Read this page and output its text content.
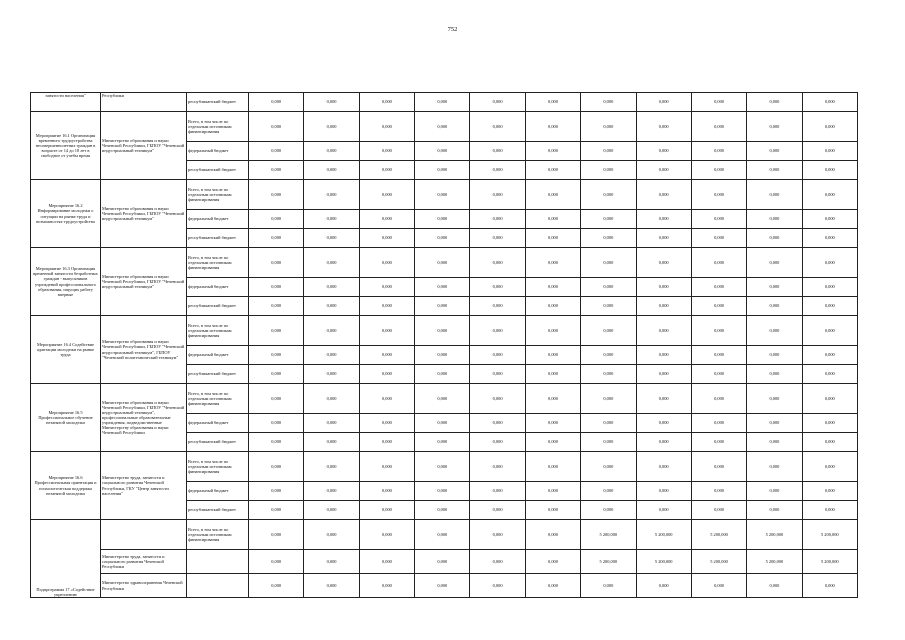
752
занятости населения"	Республики	республиканский бюджет	0,000	0,000	0,000	0,000	0,000	0,000	0,000	0,000	0,000	0,000	0,000
Мероприятие 16.1 Организация временного трудоустройства несовершеннолетних граждан в возрасте от 14 до 18 лет в свободное от учебы время	Министерство образования и науки Чеченской Республики, ГБПОУ "Чеченский индустриальный техникум"	Всего, в том числе по отдельным источникам финансирования	0,000	0,000	0,000	0,000	0,000	0,000	0,000	0,000	0,000	0,000	0,000
		федеральный бюджет	0,000	0,000	0,000	0,000	0,000	0,000	0,000	0,000	0,000	0,000	0,000
		республиканский бюджет	0,000	0,000	0,000	0,000	0,000	0,000	0,000	0,000	0,000	0,000	0,000
Мероприятие 16.2 Информирование молодежи о ситуации на рынке труда и возможностях трудоустройства	Министерство образования и науки Чеченской Республики, ГБПОУ "Чеченский индустриальный техникум"	Всего, в том числе по отдельным источникам финансирования	0,000	0,000	0,000	0,000	0,000	0,000	0,000	0,000	0,000	0,000	0,000
		федеральный бюджет	0,000	0,000	0,000	0,000	0,000	0,000	0,000	0,000	0,000	0,000	0,000
		республиканский бюджет	0,000	0,000	0,000	0,000	0,000	0,000	0,000	0,000	0,000	0,000	0,000
Мероприятие 16.3 Организация временной занятости безработных граждан - выпускников учреждений профессионального образования, ищущих работу впервые	Министерство образования и науки Чеченской Республики, ГБПОУ "Чеченский индустриальный техникум"	Всего, в том числе по отдельным источникам финансирования	0,000	0,000	0,000	0,000	0,000	0,000	0,000	0,000	0,000	0,000	0,000
		федеральный бюджет	0,000	0,000	0,000	0,000	0,000	0,000	0,000	0,000	0,000	0,000	0,000
		республиканский бюджет	0,000	0,000	0,000	0,000	0,000	0,000	0,000	0,000	0,000	0,000	0,000
Мероприятие 16.4 Содействие адаптации молодежи на рынке труда	Министерство образования и науки Чеченской Республики, ГБПОУ "Чеченский индустриальный техникум", ГБПОУ "Чеченский политехнический техникум"	Всего, в том числе по отдельным источникам финансирования	0,000	0,000	0,000	0,000	0,000	0,000	0,000	0,000	0,000	0,000	0,000
		федеральный бюджет	0,000	0,000	0,000	0,000	0,000	0,000	0,000	0,000	0,000	0,000	0,000
		республиканский бюджет	0,000	0,000	0,000	0,000	0,000	0,000	0,000	0,000	0,000	0,000	0,000
Мероприятие 16.5 Профессиональное обучение незанятой молодежи	Министерство образования и науки Чеченской Республики, ГБПОУ "Чеченский индустриальный техникум", профессиональные образовательные учреждения, подведомственные Министерству образования и науки Чеченской Республики	Всего, в том числе по отдельным источникам финансирования	0,000	0,000	0,000	0,000	0,000	0,000	0,000	0,000	0,000	0,000	0,000
		федеральный бюджет	0,000	0,000	0,000	0,000	0,000	0,000	0,000	0,000	0,000	0,000	0,000
		республиканский бюджет	0,000	0,000	0,000	0,000	0,000	0,000	0,000	0,000	0,000	0,000	0,000
Мероприятие 16.6 Профессиональная ориентация и психологическая поддержка незанятой молодежи	Министерство труда, занятости и социального развития Чеченской Республики, ГКУ "Центр занятости населения"	Всего, в том числе по отдельным источникам финансирования	0,000	0,000	0,000	0,000	0,000	0,000	0,000	0,000	0,000	0,000	0,000
		федеральный бюджет	0,000	0,000	0,000	0,000	0,000	0,000	0,000	0,000	0,000	0,000	0,000
		республиканский бюджет	0,000	0,000	0,000	0,000	0,000	0,000	0,000	0,000	0,000	0,000	0,000
Подпрограмма 17 «Содействие укреплению		Всего, в том числе по отдельным источникам финансирования	0,000	0,000	0,000	0,000	0,000	0,000	5 200,000	5 200,000	5 200,000	5 200,000	5 200,000
	Министерство труда, занятости и социального развития Чеченской Республики		0,000	0,000	0,000	0,000	0,000	0,000	5 200,000	5 200,000	5 200,000	5 200,000	5 200,000
	Министерство здравоохранения Чеченской Республики		0,000	0,000	0,000	0,000	0,000	0,000	0,000	0,000	0,000	0,000	0,000
